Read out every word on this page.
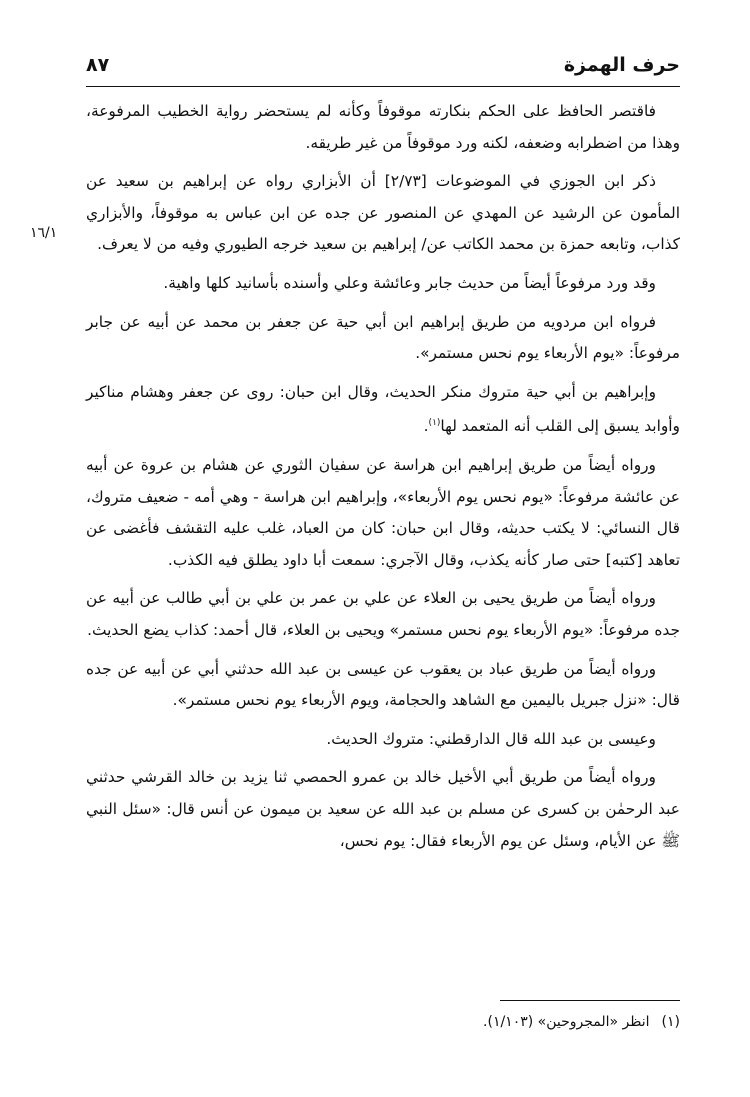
حرف الهمزة
٨٧
١٦/١

فاقتصر الحافظ على الحكم بنكارته موقوفاً وكأنه لم يستحضر رواية الخطيب المرفوعة، وهذا من اضطرابه وضعفه، لكنه ورد موقوفاً من غير طريقه.

ذكر ابن الجوزي في الموضوعات [٢/٧٣] أن الأبزاري رواه عن إبراهيم بن سعيد عن المأمون عن الرشيد عن المهدي عن المنصور عن جده عن ابن عباس به موقوفاً، والأبزاري كذاب، وتابعه حمزة بن محمد الكاتب عن/ إبراهيم بن سعيد خرجه الطيوري وفيه من لا يعرف.

وقد ورد مرفوعاً أيضاً من حديث جابر وعائشة وعلي وأسنده بأسانيد كلها واهية.

فرواه ابن مردويه من طريق إبراهيم ابن أبي حية عن جعفر بن محمد عن أبيه عن جابر مرفوعاً: «يوم الأربعاء يوم نحس مستمر».

وإبراهيم بن أبي حية متروك منكر الحديث، وقال ابن حبان: روى عن جعفر وهشام مناكير وأوابد يسبق إلى القلب أنه المتعمد لها$^{(١)}$.

ورواه أيضاً من طريق إبراهيم ابن هراسة عن سفيان الثوري عن هشام بن عروة عن أبيه عن عائشة مرفوعاً: «يوم نحس يوم الأربعاء»، وإبراهيم ابن هراسة - وهي أمه - ضعيف متروك، قال النسائي: لا يكتب حديثه، وقال ابن حبان: كان من العباد، غلب عليه التقشف فأغضى عن تعاهد [كتبه] حتى صار كأنه يكذب، وقال الآجري: سمعت أبا داود يطلق فيه الكذب.

ورواه أيضاً من طريق يحيى بن العلاء عن علي بن عمر بن علي بن أبي طالب عن أبيه عن جده مرفوعاً: «يوم الأربعاء يوم نحس مستمر» ويحيى بن العلاء، قال أحمد: كذاب يضع الحديث.

ورواه أيضاً من طريق عباد بن يعقوب عن عيسى بن عبد الله حدثني أبي عن أبيه عن جده قال: «نزل جبريل باليمين مع الشاهد والحجامة، ويوم الأربعاء يوم نحس مستمر».

وعيسى بن عبد الله قال الدارقطني: متروك الحديث.

ورواه أيضاً من طريق أبي الأخيل خالد بن عمرو الحمصي ثنا يزيد بن خالد القرشي حدثني عبد الرحمٰن بن كسرى عن مسلم بن عبد الله عن سعيد بن ميمون عن أنس قال: «سئل النبي ﷺ عن الأيام، وسئل عن يوم الأربعاء فقال: يوم نحس،

(١)انظر «المجروحين» (١/١٠٣).
